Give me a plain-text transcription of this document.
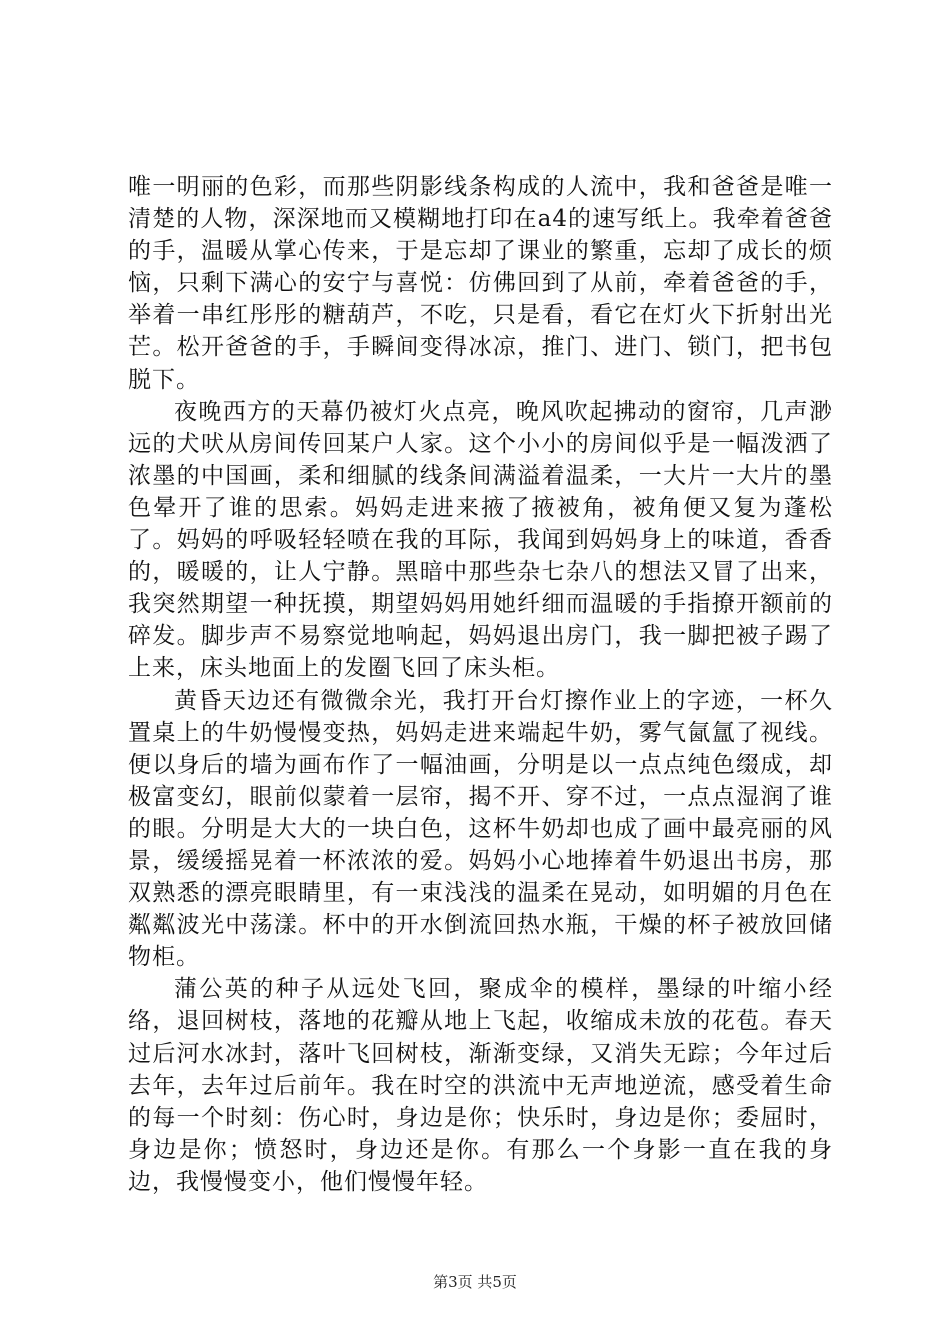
唯一明丽的色彩，而那些阴影线条构成的人流中，我和爸爸是唯一清楚的人物，深深地而又模糊地打印在a4的速写纸上。我牵着爸爸的手，温暖从掌心传来，于是忘却了课业的繁重，忘却了成长的烦恼，只剩下满心的安宁与喜悦：仿佛回到了从前，牵着爸爸的手，举着一串红彤彤的糖葫芦，不吃，只是看，看它在灯火下折射出光芒。松开爸爸的手，手瞬间变得冰凉，推门、进门、锁门，把书包脱下。

夜晚西方的天幕仍被灯火点亮，晚风吹起拂动的窗帘，几声渺远的犬吠从房间传回某户人家。这个小小的房间似乎是一幅泼洒了浓墨的中国画，柔和细腻的线条间满溢着温柔，一大片一大片的墨色晕开了谁的思索。妈妈走进来掖了掖被角，被角便又复为蓬松了。妈妈的呼吸轻轻喷在我的耳际，我闻到妈妈身上的味道，香香的，暖暖的，让人宁静。黑暗中那些杂七杂八的想法又冒了出来，我突然期望一种抚摸，期望妈妈用她纤细而温暖的手指撩开额前的碎发。脚步声不易察觉地响起，妈妈退出房门，我一脚把被子踢了上来，床头地面上的发圈飞回了床头柜。

黄昏天边还有微微余光，我打开台灯擦作业上的字迹，一杯久置桌上的牛奶慢慢变热，妈妈走进来端起牛奶，雾气氤氲了视线。便以身后的墙为画布作了一幅油画，分明是以一点点纯色缀成，却极富变幻，眼前似蒙着一层帘，揭不开、穿不过，一点点湿润了谁的眼。分明是大大的一块白色，这杯牛奶却也成了画中最亮丽的风景，缓缓摇晃着一杯浓浓的爱。妈妈小心地捧着牛奶退出书房，那双熟悉的漂亮眼睛里，有一束浅浅的温柔在晃动，如明媚的月色在粼粼波光中荡漾。杯中的开水倒流回热水瓶，干燥的杯子被放回储物柜。

蒲公英的种子从远处飞回，聚成伞的模样，墨绿的叶缩小经络，退回树枝，落地的花瓣从地上飞起，收缩成未放的花苞。春天过后河水冰封，落叶飞回树枝，渐渐变绿，又消失无踪；今年过后去年，去年过后前年。我在时空的洪流中无声地逆流，感受着生命的每一个时刻：伤心时，身边是你；快乐时，身边是你；委屈时，身边是你；愤怒时，身边还是你。有那么一个身影一直在我的身边，我慢慢变小，他们慢慢年轻。

第3页 共5页
